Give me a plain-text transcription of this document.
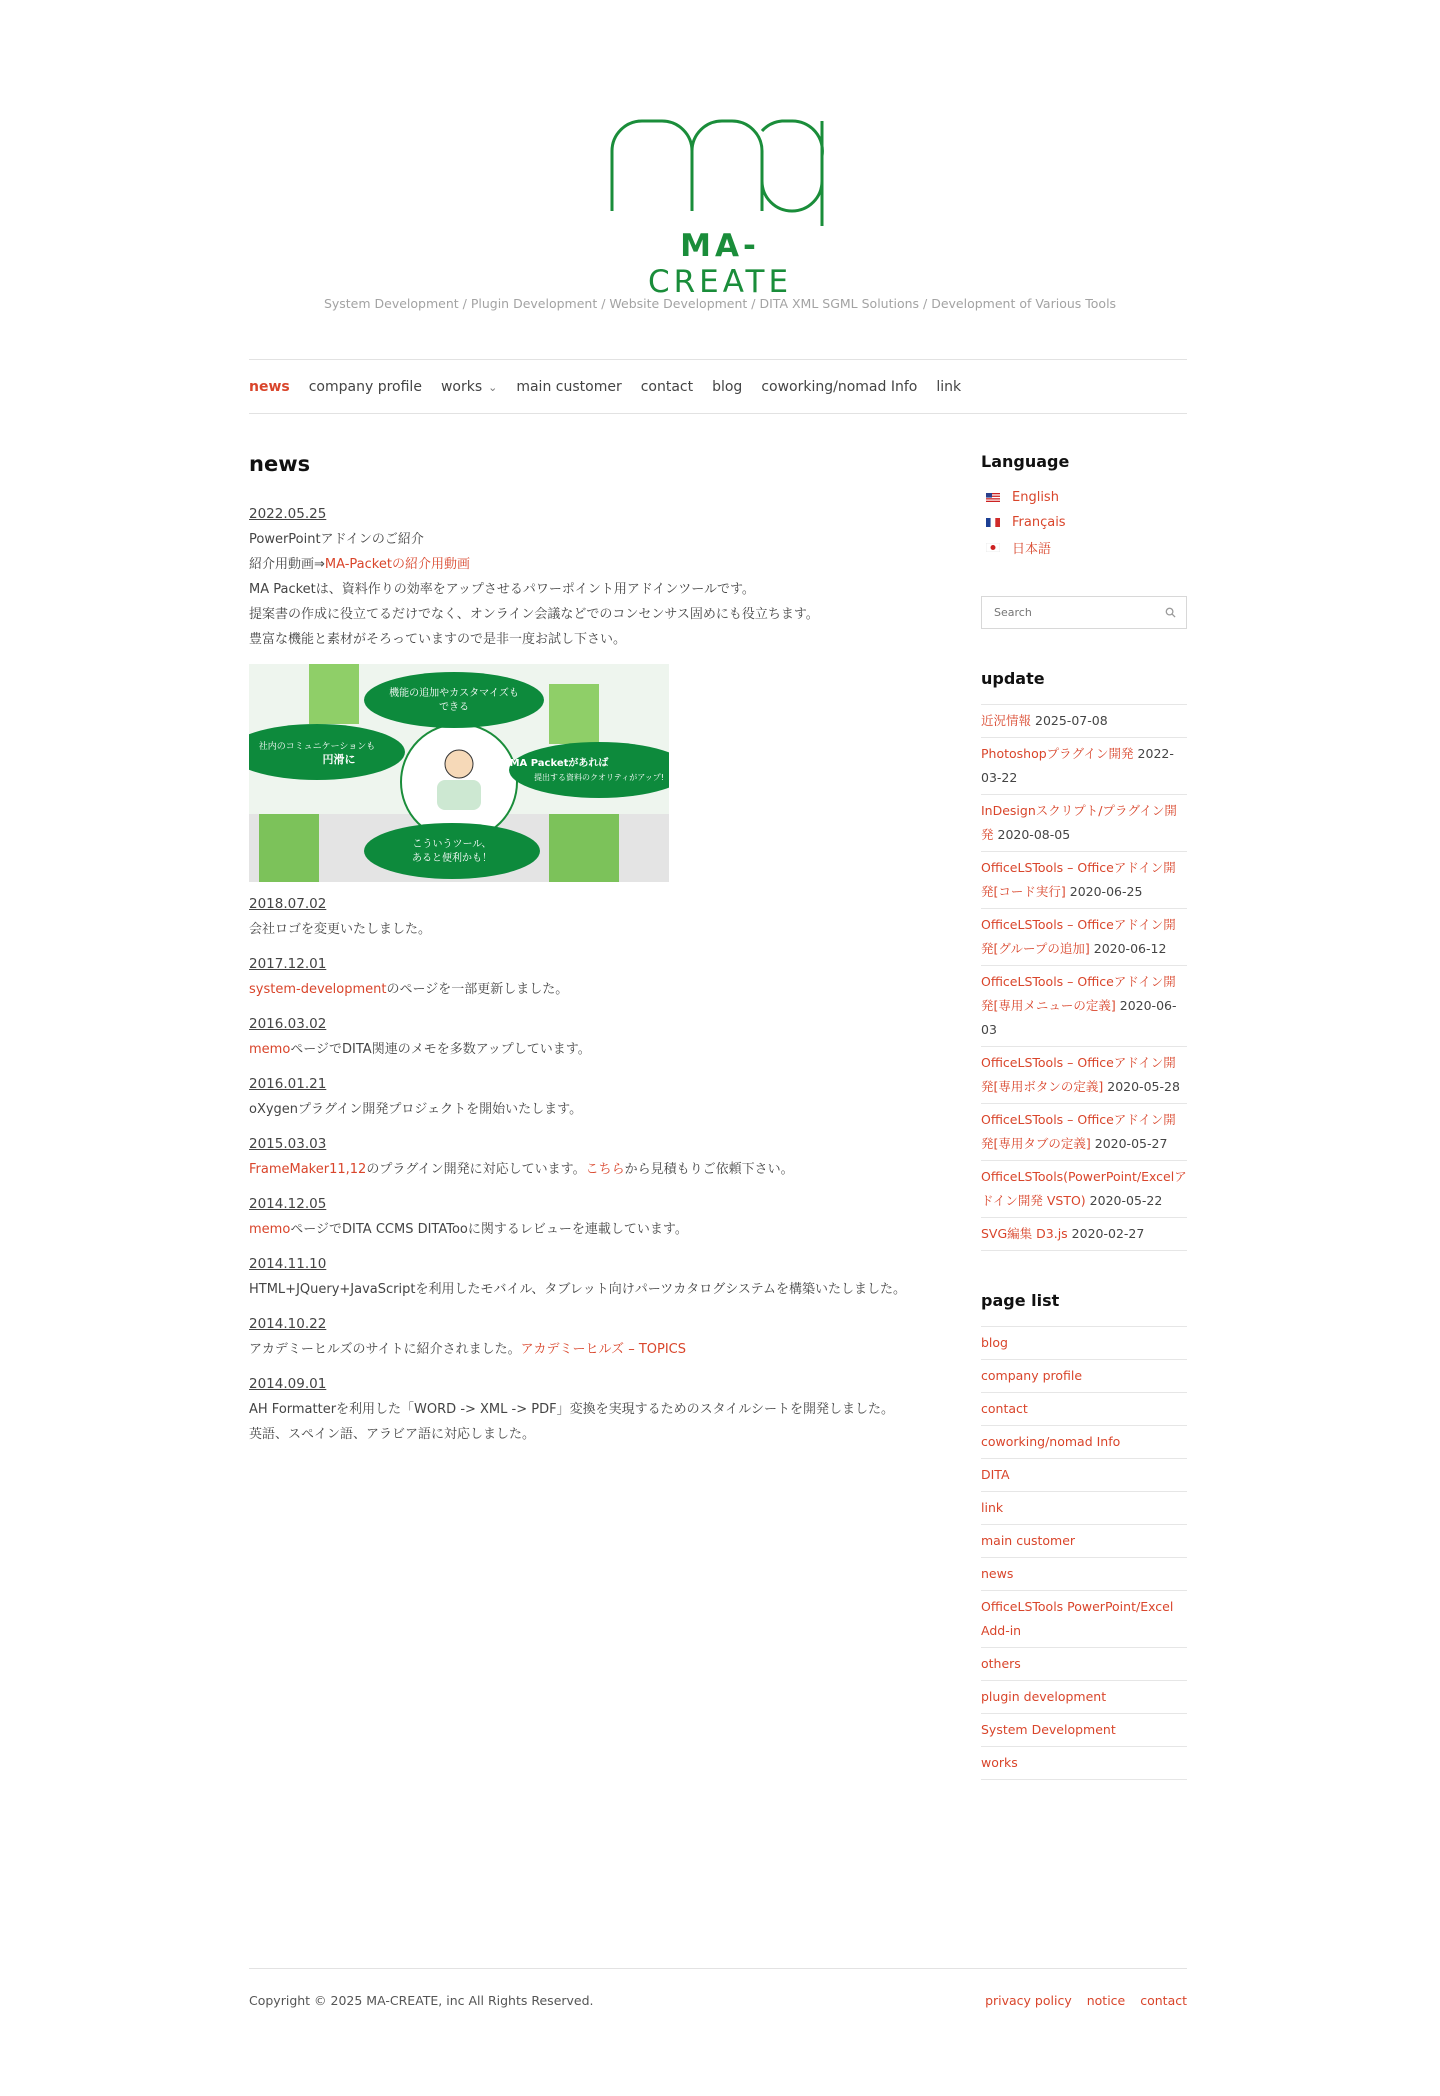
MA-CREATE
System Development / Plugin Development / Website Development / DITA XML SGML Solutions / Development of Various Tools
news company profile works ⌄ main customer contact blog coworking/nomad Info link
news
2022.05.25
PowerPointアドインのご紹介
紹介用動画⇒MA-Packetの紹介用動画
MA Packetは、資料作りの効率をアップさせるパワーポイント用アドインツールです。
提案書の作成に役立てるだけでなく、オンライン会議などでのコンセンサス固めにも役立ちます。
豊富な機能と素材がそろっていますので是非一度お試し下さい。
機能の追加やカスタマイズも
できる
社内のコミュニケーションも
円滑に	MA Packetがあれば
提出する資料のクオリティがアップ!
こういうツール、
あると便利かも！
2018.07.02
会社ロゴを変更いたしました。
2017.12.01
system-developmentのページを一部更新しました。
2016.03.02
memoページでDITA関連のメモを多数アップしています。
2016.01.21
oXygenプラグイン開発プロジェクトを開始いたします。
2015.03.03
FrameMaker11,12のプラグイン開発に対応しています。こちらから見積もりご依頼下さい。
2014.12.05
memoページでDITA CCMS DITATooに関するレビューを連載しています。
2014.11.10
HTML+JQuery+JavaScriptを利用したモバイル、タブレット向けパーツカタログシステムを構築いたしました。
2014.10.22
アカデミーヒルズのサイトに紹介されました。アカデミーヒルズ – TOPICS
2014.09.01
AH Formatterを利用した「WORD -> XML -> PDF」変換を実現するためのスタイルシートを開発しました。
英語、スペイン語、アラビア語に対応しました。
Language
English
Français
日本語
Search
update
近況情報 2025-07-08
Photoshopプラグイン開発 2022-03-22
InDesignスクリプト/プラグイン開発 2020-08-05
OfficeLSTools – Officeアドイン開発[コード実行] 2020-06-25
OfficeLSTools – Officeアドイン開発[グループの追加] 2020-06-12
OfficeLSTools – Officeアドイン開発[専用メニューの定義] 2020-06-03
OfficeLSTools – Officeアドイン開発[専用ボタンの定義] 2020-05-28
OfficeLSTools – Officeアドイン開発[専用タブの定義] 2020-05-27
OfficeLSTools(PowerPoint/Excelアドイン開発 VSTO) 2020-05-22
SVG編集 D3.js 2020-02-27
page list
blog
company profile
contact
coworking/nomad Info
DITA
link
main customer
news
OfficeLSTools PowerPoint/Excel Add-in
others
plugin development
System Development
works
Copyright © 2025 MA-CREATE, inc All Rights Reserved.	privacy policy notice contact
